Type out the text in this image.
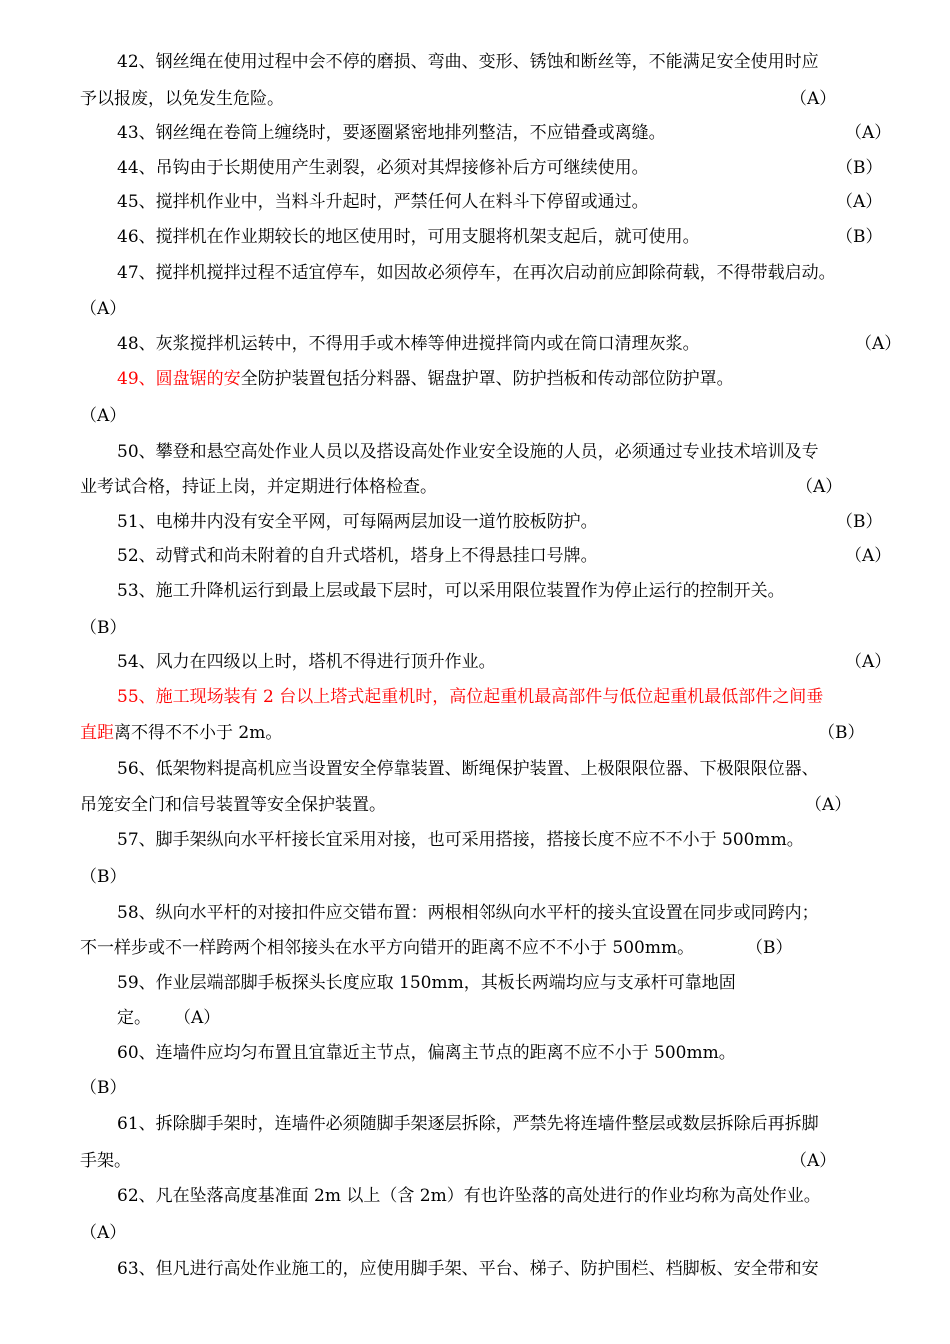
42、钢丝绳在使用过程中会不停的磨损、弯曲、变形、锈蚀和断丝等，不能满足安全使用时应
予以报废，以免发生危险。	（A）
43、钢丝绳在卷筒上缠绕时，要逐圈紧密地排列整洁，不应错叠或离缝。	（A）
44、吊钩由于长期使用产生剥裂，必须对其焊接修补后方可继续使用。	（B）
45、搅拌机作业中，当料斗升起时，严禁任何人在料斗下停留或通过。	（A）
46、搅拌机在作业期较长的地区使用时，可用支腿将机架支起后，就可使用。	（B）
47、搅拌机搅拌过程不适宜停车，如因故必须停车，在再次启动前应卸除荷载，不得带载启动。
（A）
48、灰浆搅拌机运转中，不得用手或木棒等伸进搅拌筒内或在筒口清理灰浆。	（A）
49、圆盘锯的安全防护装置包括分料器、锯盘护罩、防护挡板和传动部位防护罩。
（A）
50、攀登和悬空高处作业人员以及搭设高处作业安全设施的人员，必须通过专业技术培训及专
业考试合格，持证上岗，并定期进行体格检查。	（A）
51、电梯井内没有安全平网，可每隔两层加设一道竹胶板防护。	（B）
52、动臂式和尚未附着的自升式塔机，塔身上不得悬挂口号牌。	（A）
53、施工升降机运行到最上层或最下层时，可以采用限位装置作为停止运行的控制开关。
（B）
54、风力在四级以上时，塔机不得进行顶升作业。	（A）
55、施工现场装有 2 台以上塔式起重机时，高位起重机最高部件与低位起重机最低部件之间垂
直距离不得不不小于 2m。	（B）
56、低架物料提高机应当设置安全停靠装置、断绳保护装置、上极限限位器、下极限限位器、
吊笼安全门和信号装置等安全保护装置。	（A）
57、脚手架纵向水平杆接长宜采用对接，也可采用搭接，搭接长度不应不不小于 500mm。
（B）
58、纵向水平杆的对接扣件应交错布置：两根相邻纵向水平杆的接头宜设置在同步或同跨内；
不一样步或不一样跨两个相邻接头在水平方向错开的距离不应不不小于 500mm。	（B）
59、作业层端部脚手板探头长度应取 150mm，其板长两端均应与支承杆可靠地固
定。 （A）
60、连墙件应均匀布置且宜靠近主节点，偏离主节点的距离不应不小于 500mm。
（B）
61、拆除脚手架时，连墙件必须随脚手架逐层拆除，严禁先将连墙件整层或数层拆除后再拆脚
手架。	（A）
62、凡在坠落高度基准面 2m 以上（含 2m）有也许坠落的高处进行的作业均称为高处作业。
（A）
63、但凡进行高处作业施工的，应使用脚手架、平台、梯子、防护围栏、档脚板、安全带和安
